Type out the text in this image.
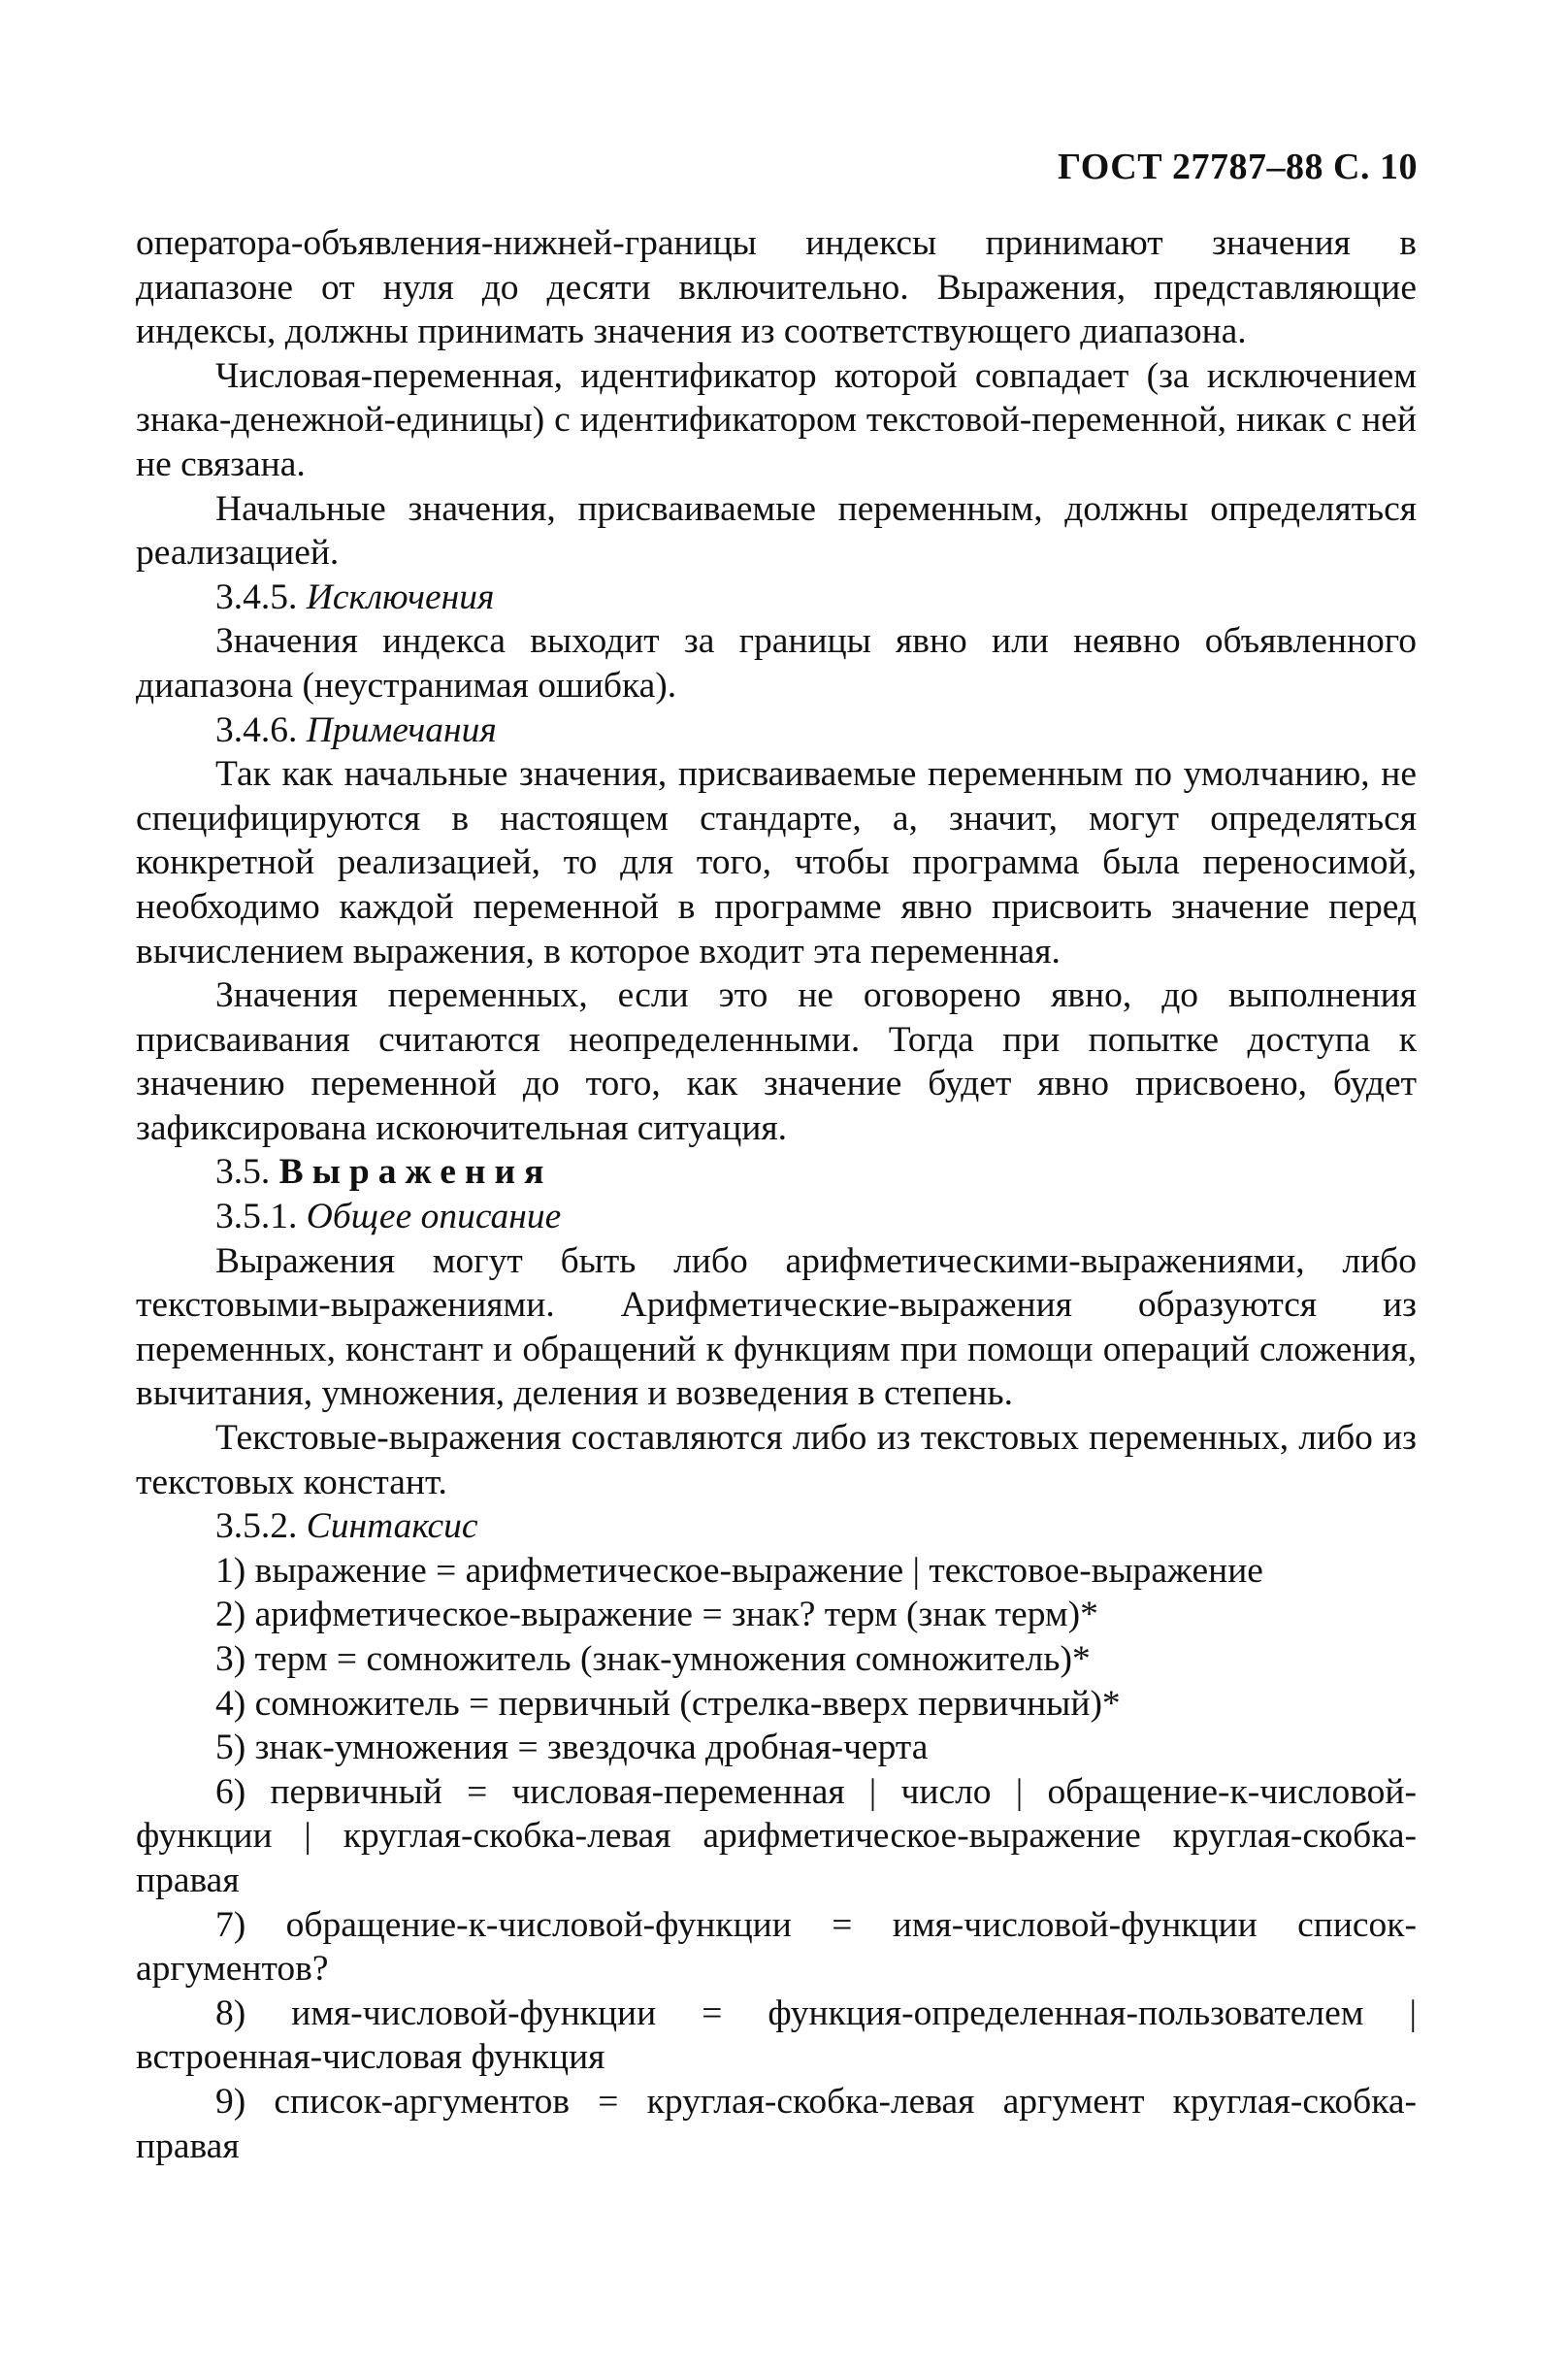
ГОСТ 27787–88 С. 10

оператора-объявления-нижней-границы индексы принимают значения в диапазоне от нуля до десяти включительно. Выражения, представляющие индексы, должны принимать значения из соответствующего диапазона.

Числовая-переменная, идентификатор которой совпадает (за исключением знака-денежной-единицы) с идентификатором текстовой-переменной, никак с ней не связана.

Начальные значения, присваиваемые переменным, должны определяться реализацией.

3.4.5. Исключения

Значения индекса выходит за границы явно или неявно объявленного диапазона (неустранимая ошибка).

3.4.6. Примечания

Так как начальные значения, присваиваемые переменным по умолчанию, не специфицируются в настоящем стандарте, а, значит, могут определяться конкретной реализацией, то для того, чтобы программа была переносимой, необходимо каждой переменной в программе явно присвоить значение перед вычислением выражения, в которое входит эта переменная.

Значения переменных, если это не оговорено явно, до выполнения присваивания считаются неопределенными. Тогда при попытке доступа к значению переменной до того, как значение будет явно присвоено, будет зафиксирована искоючительная ситуация.

3.5. Выражения

3.5.1. Общее описание

Выражения могут быть либо арифметическими-выражениями, либо текстовыми-выражениями. Арифметические-выражения образуются из переменных, констант и обращений к функциям при помощи операций сложения, вычитания, умножения, деления и возведения в степень.

Текстовые-выражения составляются либо из текстовых переменных, либо из текстовых констант.

3.5.2. Синтаксис

1) выражение = арифметическое-выражение | текстовое-выражение

2) арифметическое-выражение = знак? терм (знак терм)*

3) терм = сомножитель (знак-умножения сомножитель)*

4) сомножитель = первичный (стрелка-вверх первичный)*

5) знак-умножения = звездочка дробная-черта

6) первичный = числовая-переменная | число | обращение-к-числовой-функции | круглая-скобка-левая арифметическое-выражение круглая-скобка-правая

7) обращение-к-числовой-функции = имя-числовой-функции список-аргументов?

8) имя-числовой-функции = функция-определенная-пользователем | встроенная-числовая функция

9) список-аргументов = круглая-скобка-левая аргумент круглая-скобка-правая
